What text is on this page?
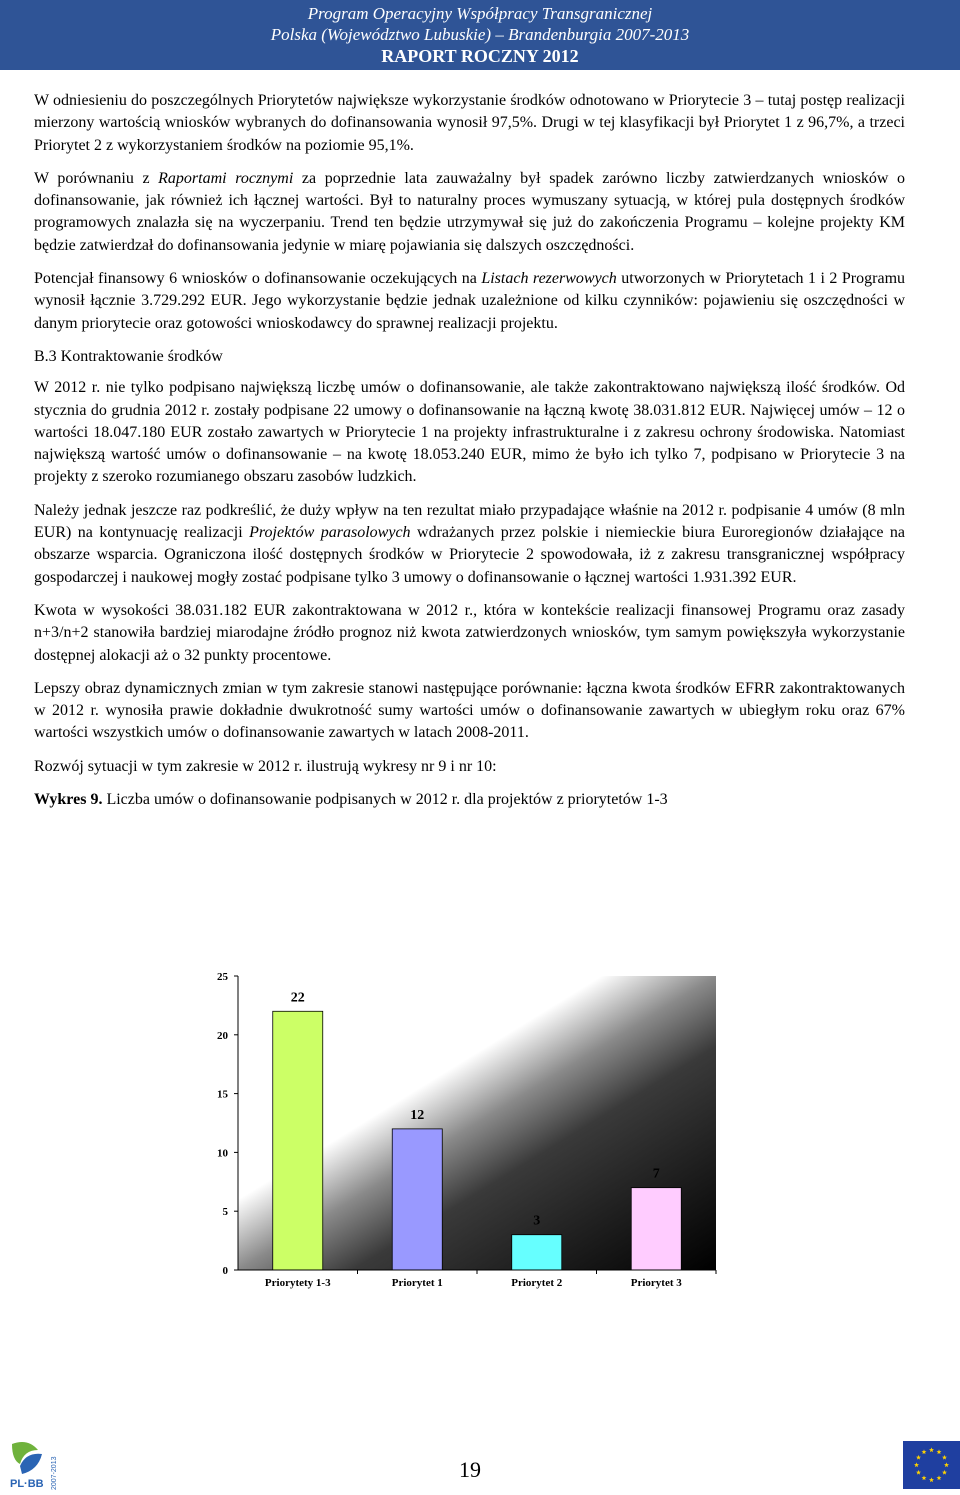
Program Operacyjny Współpracy Transgranicznej
Polska (Województwo Lubuskie) – Brandenburgia 2007-2013
RAPORT ROCZNY 2012

W odniesieniu do poszczególnych Priorytetów największe wykorzystanie środków odnotowano w Priorytecie 3 – tutaj postęp realizacji mierzony wartością wniosków wybranych do dofinansowania wynosił 97,5%. Drugi w tej klasyfikacji był Priorytet 1 z 96,7%, a trzeci Priorytet 2 z wykorzystaniem środków na poziomie 95,1%.

W porównaniu z Raportami rocznymi za poprzednie lata zauważalny był spadek zarówno liczby zatwierdzanych wniosków o dofinansowanie, jak również ich łącznej wartości. Był to naturalny proces wymuszany sytuacją, w której pula dostępnych środków programowych znalazła się na wyczerpaniu. Trend ten będzie utrzymywał się już do zakończenia Programu – kolejne projekty KM będzie zatwierdzał do dofinansowania jedynie w miarę pojawiania się dalszych oszczędności.

Potencjał finansowy 6 wniosków o dofinansowanie oczekujących na Listach rezerwowych utworzonych w Priorytetach 1 i 2 Programu wynosił łącznie 3.729.292 EUR. Jego wykorzystanie będzie jednak uzależnione od kilku czynników: pojawieniu się oszczędności w danym priorytecie oraz gotowości wnioskodawcy do sprawnej realizacji projektu.

B.3 Kontraktowanie środków

W 2012 r. nie tylko podpisano największą liczbę umów o dofinansowanie, ale także zakontraktowano największą ilość środków. Od stycznia do grudnia 2012 r. zostały podpisane 22 umowy o dofinansowanie na łączną kwotę 38.031.812 EUR. Najwięcej umów – 12 o wartości 18.047.180 EUR zostało zawartych w Priorytecie 1 na projekty infrastrukturalne i z zakresu ochrony środowiska. Natomiast największą wartość umów o dofinansowanie – na kwotę 18.053.240 EUR, mimo że było ich tylko 7, podpisano w Priorytecie 3 na projekty z szeroko rozumianego obszaru zasobów ludzkich.

Należy jednak jeszcze raz podkreślić, że duży wpływ na ten rezultat miało przypadające właśnie na 2012 r. podpisanie 4 umów (8 mln EUR) na kontynuację realizacji Projektów parasolowych wdrażanych przez polskie i niemieckie biura Euroregionów działające na obszarze wsparcia. Ograniczona ilość dostępnych środków w Priorytecie 2 spowodowała, iż z zakresu transgranicznej współpracy gospodarczej i naukowej mogły zostać podpisane tylko 3 umowy o dofinansowanie o łącznej wartości 1.931.392 EUR.

Kwota w wysokości 38.031.182 EUR zakontraktowana w 2012 r., która w kontekście realizacji finansowej Programu oraz zasady n+3/n+2 stanowiła bardziej miarodajne źródło prognoz niż kwota zatwierdzonych wniosków, tym samym powiększyła wykorzystanie dostępnej alokacji aż o 32 punkty procentowe.

Lepszy obraz dynamicznych zmian w tym zakresie stanowi następujące porównanie: łączna kwota środków EFRR zakontraktowanych w 2012 r. wynosiła prawie dokładnie dwukrotność sumy wartości umów o dofinansowanie zawartych w ubiegłym roku oraz 67% wartości wszystkich umów o dofinansowanie zawartych w latach 2008-2011.

Rozwój sytuacji w tym zakresie w 2012 r. ilustrują wykresy nr 9 i nr 10:

Wykres 9. Liczba umów o dofinansowanie podpisanych w 2012 r. dla projektów z priorytetów 1-3

0
5
10
15
20
25
22
12
3
7
Priorytety 1-3	Priorytet 1	Priorytet 2	Priorytet 3
PL·BB 2007-2013	19
